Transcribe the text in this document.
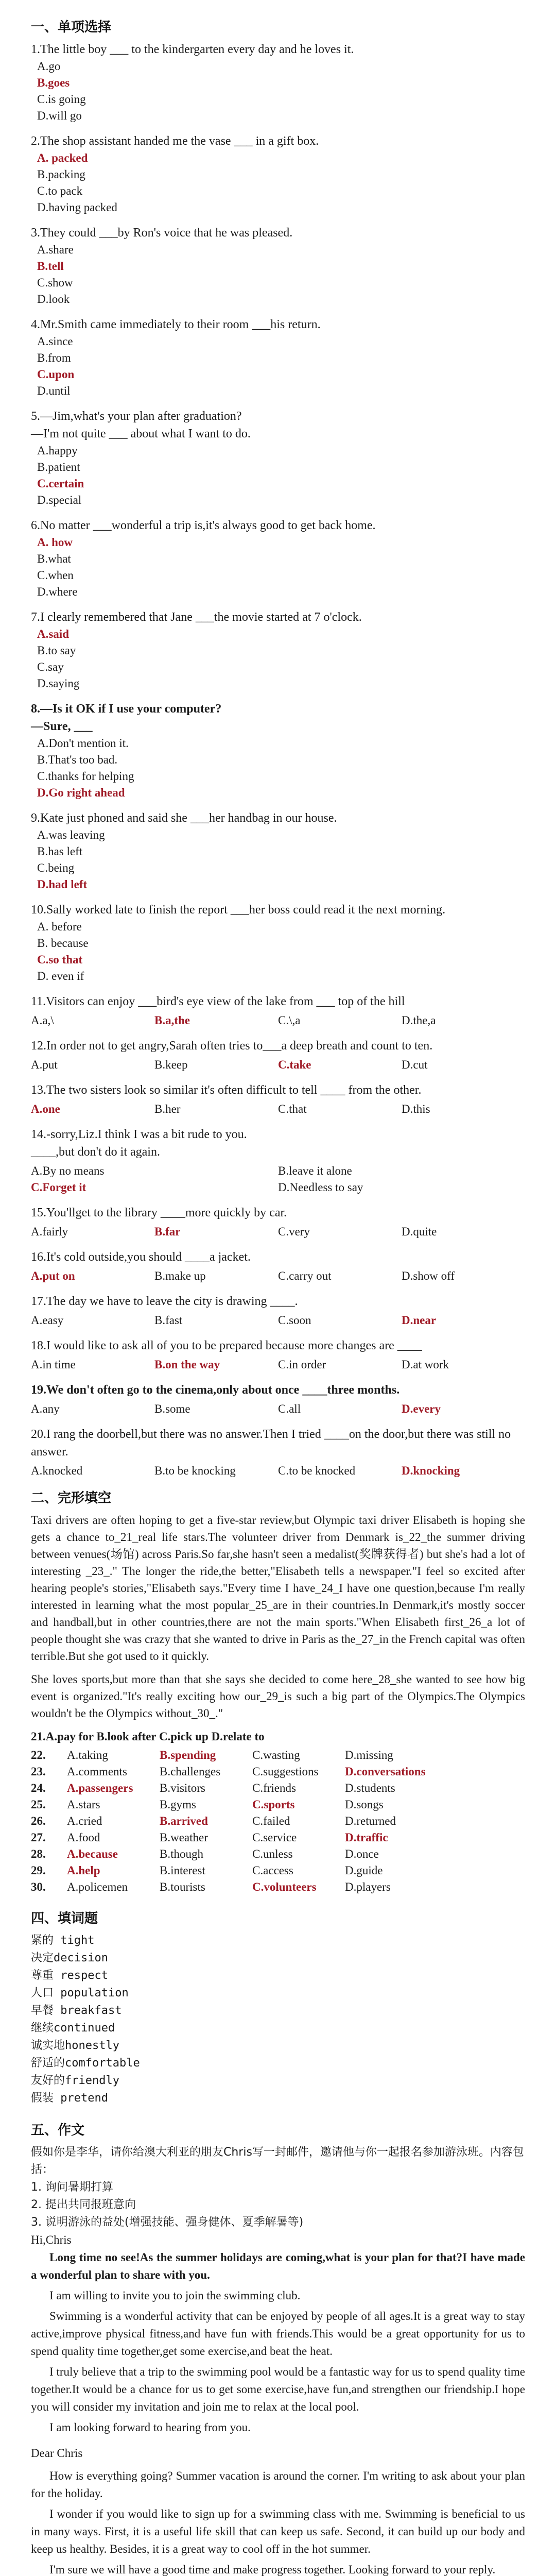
一、单项选择
1.The little boy ___ to the kindergarten every day and he loves it.
A.go
B.goes
C.is going
D.will go
2.The shop assistant handed me the vase ___ in a gift box.
A. packed
B.packing
C.to pack
D.having packed
3.They could ___by Ron's voice that he was pleased.
A.share
B.tell
C.show
D.look
4.Mr.Smith came immediately to their room ___his return.
A.since
B.from
C.upon
D.until
5.—Jim,what's your plan after graduation?
—I'm not quite ___ about what I want to do.
A.happy
B.patient
C.certain
D.special
6.No matter ___wonderful a trip is,it's always good to get back home.
A. how
B.what
C.when
D.where
7.I clearly remembered that Jane ___the movie started at 7 o'clock.
A.said
B.to say
C.say
D.saying
8.—Is it OK if I use your computer?
—Sure, ___
A.Don't mention it.
B.That's too bad.
C.thanks for helping
D.Go right ahead
9.Kate just phoned and said she ___her handbag in our house.
A.was leaving
B.has left
C.being
D.had left
10.Sally worked late to finish the report ___her boss could read it the next morning.
A. before
B. because
C.so that
D. even if
11.Visitors can enjoy ___bird's eye view of the lake from ___ top of the hill
A.a,\	B.a,the	C.\,a	D.the,a
12.In order not to get angry,Sarah often tries to___a deep breath and count to ten.
A.put	B.keep	C.take	D.cut
13.The two sisters look so similar it's often difficult to tell ____ from the other.
A.one	B.her	C.that	D.this
14.-sorry,Liz.I think I was a bit rude to you.
____,but don't do it again.
A.By no means	B.leave it alone
C.Forget it	D.Needless to say
15.You'llget to the library ____more quickly by car.
A.fairly	B.far	C.very	D.quite
16.It's cold outside,you should ____a jacket.
A.put on	B.make up	C.carry out	D.show off
17.The day we have to leave the city is drawing ____.
A.easy	B.fast	C.soon	D.near
18.I would like to ask all of you to be prepared because more changes are ____
A.in time	B.on the way	C.in order	D.at work
19.We don't often go to the cinema,only about once ____three months.
A.any	B.some	C.all	D.every
20.I rang the doorbell,but there was no answer.Then I tried ____on the door,but there was still no answer.
A.knocked	B.to be knocking	C.to be knocked	D.knocking
二、完形填空
Taxi drivers are often hoping to get a five-star review,but Olympic taxi driver Elisabeth is hoping she gets a chance to_21_real life stars.The volunteer driver from Denmark is_22_the summer driving between venues(场馆) across Paris.So far,she hasn't seen a medalist(奖牌获得者) but she's had a lot of interesting _23_." The longer the ride,the better,"Elisabeth tells a newspaper."I feel so excited after hearing people's stories,"Elisabeth says."Every time I have_24_I have one question,because I'm really interested in learning what the most popular_25_are in their countries.In Denmark,it's mostly soccer and handball,but in other countries,there are not the main sports."When Elisabeth first_26_a lot of people thought she was crazy that she wanted to drive in Paris as the_27_in the French capital was often terrible.But she got used to it quickly.
She loves sports,but more than that she says she decided to come here_28_she wanted to see how big event is organized."It's really exciting how our_29_is such a big part of the Olympics.The Olympics wouldn't be the Olympics without_30_."
21.A.pay for B.look after C.pick up D.relate to
22.	A.taking	B.spending	C.wasting	D.missing
23.	A.comments	B.challenges	C.suggestions	D.conversations
24.	A.passengers	B.visitors	C.friends	D.students
25.	A.stars	B.gyms	C.sports	D.songs
26.	A.cried	B.arrived	C.failed	D.returned
27.	A.food	B.weather	C.service	D.traffic
28.	A.because	B.though	C.unless	D.once
29.	A.help	B.interest	C.access	D.guide
30.	A.policemen	B.tourists	C.volunteers	D.players
四、填词题
紧的 tight
决定decision
尊重 respect
人口 population
早餐 breakfast
继续continued
诚实地honestly
舒适的comfortable
友好的friendly
假装 pretend
五、作文
假如你是李华，请你给澳大利亚的朋友Chris写一封邮件，邀请他与你一起报名参加游泳班。内容包括：
1. 询问暑期打算
2. 提出共同报班意向
3. 说明游泳的益处(增强技能、强身健体、夏季解暑等)
Hi,Chris

Long time no see!As the summer holidays are coming,what is your plan for that?I have made a wonderful plan to share with you.

I am willing to invite you to join the swimming club.

Swimming is a wonderful activity that can be enjoyed by people of all ages.It is a great way to stay active,improve physical fitness,and have fun with friends.This would be a great opportunity for us to spend quality time together,get some exercise,and beat the heat.

I truly believe that a trip to the swimming pool would be a fantastic way for us to spend quality time together.It would be a chance for us to get some exercise,have fun,and strengthen our friendship.I hope you will consider my invitation and join me to relax at the local pool.

I am looking forward to hearing from you.

Dear Chris

How is everything going? Summer vacation is around the corner. I'm writing to ask about your plan for the holiday.

I wonder if you would like to sign up for a swimming class with me. Swimming is beneficial to us in many ways. First, it is a useful life skill that can keep us safe. Second, it can build up our body and keep us healthy. Besides, it is a great way to cool off in the hot summer.

I'm sure we will have a good time and make progress together. Looking forward to your reply.
